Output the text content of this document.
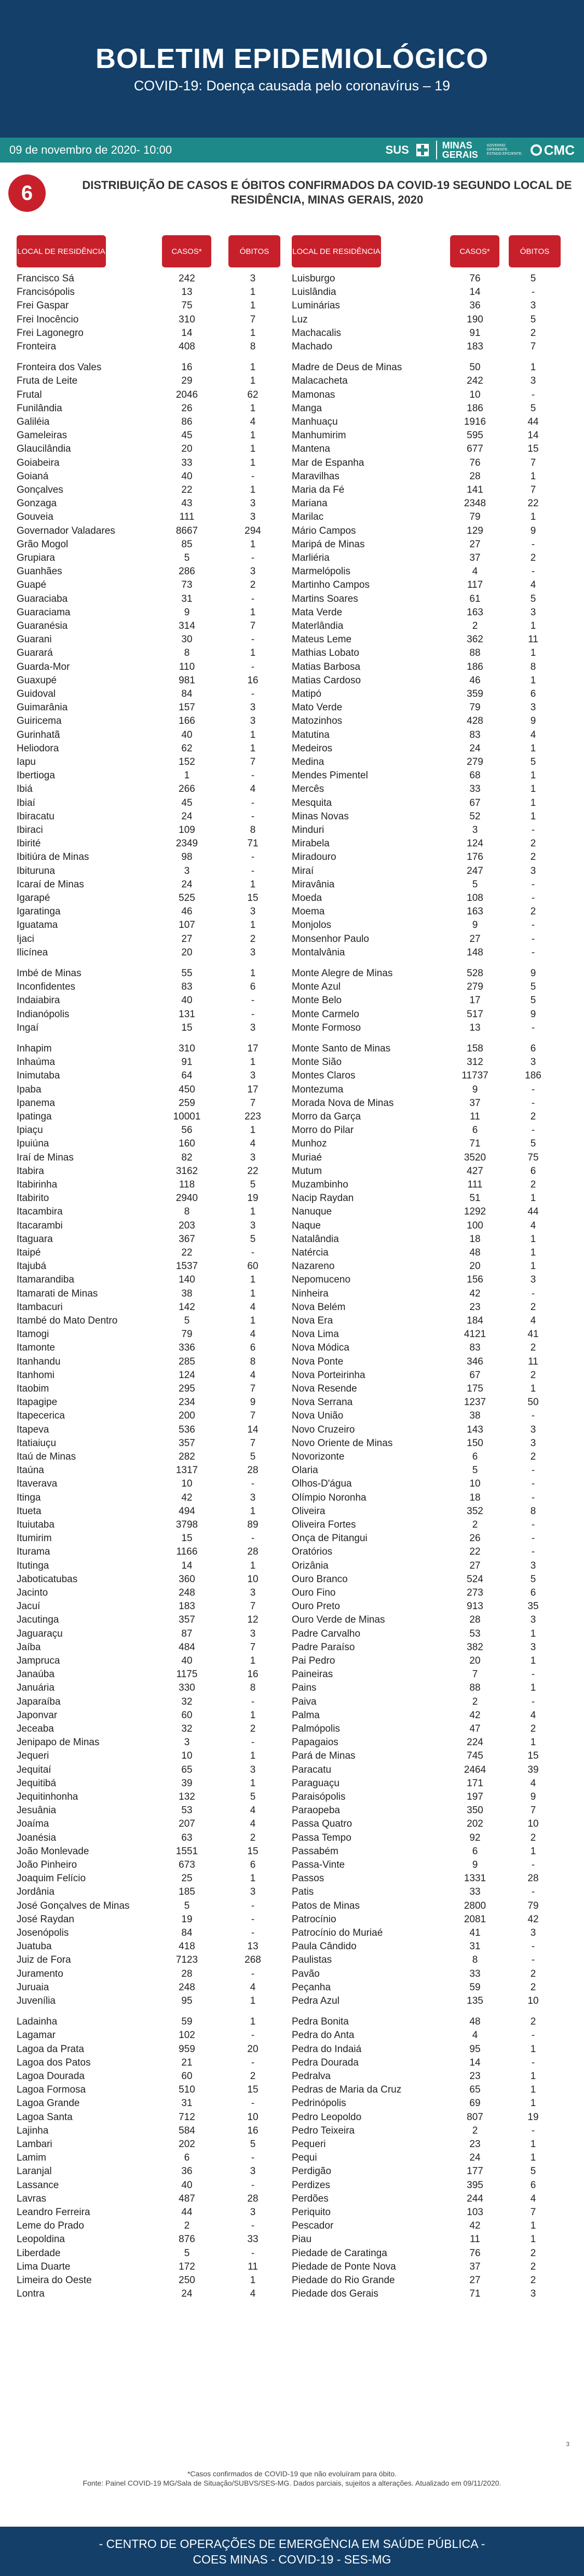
BOLETIM EPIDEMIOLÓGICO
COVID-19: Doença causada pelo coronavírus – 19
09 de novembro de 2020- 10:00	SUS	MINAS GERAIS
GOVERNO DIFERENTE. ESTADO EFICIENTE. CMC
6	DISTRIBUIÇÃO DE CASOS E ÓBITOS CONFIRMADOS DA COVID-19 SEGUNDO LOCAL DE RESIDÊNCIA, MINAS GERAIS, 2020
LOCAL DE RESIDÊNCIA	CASOS*	ÓBITOS
Francisco Sá	242	3
Francisópolis	13	1
Frei Gaspar	75	1
Frei Inocêncio	310	7
Frei Lagonegro	14	1
Fronteira	408	8
Fronteira dos Vales	16	1
Fruta de Leite	29	1
Frutal	2046	62
Funilândia	26	1
Galiléia	86	4
Gameleiras	45	1
Glaucilândia	20	1
Goiabeira	33	1
Goianá	40	-
Gonçalves	22	1
Gonzaga	43	3
Gouveia	111	3
Governador Valadares	8667	294
Grão Mogol	85	1
Grupiara	5	-
Guanhães	286	3
Guapé	73	2
Guaraciaba	31	-
Guaraciama	9	1
Guaranésia	314	7
Guarani	30	-
Guarará	8	1
Guarda-Mor	110	-
Guaxupé	981	16
Guidoval	84	-
Guimarânia	157	3
Guiricema	166	3
Gurinhatã	40	1
Heliodora	62	1
Iapu	152	7
Ibertioga	1	-
Ibiá	266	4
Ibiaí	45	-
Ibiracatu	24	-
Ibiraci	109	8
Ibirité	2349	71
Ibitiúra de Minas	98	-
Ibituruna	3	-
Icaraí de Minas	24	1
Igarapé	525	15
Igaratinga	46	3
Iguatama	107	1
Ijaci	27	2
Ilicínea	20	3
Imbé de Minas	55	1
Inconfidentes	83	6
Indaiabira	40	-
Indianópolis	131	-
Ingaí	15	3
Inhapim	310	17
Inhaúma	91	1
Inimutaba	64	3
Ipaba	450	17
Ipanema	259	7
Ipatinga	10001	223
Ipiaçu	56	1
Ipuiúna	160	4
Iraí de Minas	82	3
Itabira	3162	22
Itabirinha	118	5
Itabirito	2940	19
Itacambira	8	1
Itacarambi	203	3
Itaguara	367	5
Itaipé	22	-
Itajubá	1537	60
Itamarandiba	140	1
Itamarati de Minas	38	1
Itambacuri	142	4
Itambé do Mato Dentro	5	1
Itamogi	79	4
Itamonte	336	6
Itanhandu	285	8
Itanhomi	124	4
Itaobim	295	7
Itapagipe	234	9
Itapecerica	200	7
Itapeva	536	14
Itatiaiuçu	357	7
Itaú de Minas	282	5
Itaúna	1317	28
Itaverava	10	-
Itinga	42	3
Itueta	494	1
Ituiutaba	3798	89
Itumirim	15	-
Iturama	1166	28
Itutinga	14	1
Jaboticatubas	360	10
Jacinto	248	3
Jacuí	183	7
Jacutinga	357	12
Jaguaraçu	87	3
Jaíba	484	7
Jampruca	40	1
Janaúba	1175	16
Januária	330	8
Japaraíba	32	-
Japonvar	60	1
Jeceaba	32	2
Jenipapo de Minas	3	-
Jequeri	10	1
Jequitaí	65	3
Jequitibá	39	1
Jequitinhonha	132	5
Jesuânia	53	4
Joaíma	207	4
Joanésia	63	2
João Monlevade	1551	15
João Pinheiro	673	6
Joaquim Felício	25	1
Jordânia	185	3
José Gonçalves de Minas	5	-
José Raydan	19	-
Josenópolis	84	-
Juatuba	418	13
Juiz de Fora	7123	268
Juramento	28	-
Juruaia	248	4
Juvenília	95	1
Ladainha	59	1
Lagamar	102	-
Lagoa da Prata	959	20
Lagoa dos Patos	21	-
Lagoa Dourada	60	2
Lagoa Formosa	510	15
Lagoa Grande	31	-
Lagoa Santa	712	10
Lajinha	584	16
Lambari	202	5
Lamim	6	-
Laranjal	36	3
Lassance	40	-
Lavras	487	28
Leandro Ferreira	44	3
Leme do Prado	2	-
Leopoldina	876	33
Liberdade	5	-
Lima Duarte	172	11
Limeira do Oeste	250	1
Lontra	24	4
LOCAL DE RESIDÊNCIA	CASOS*	ÓBITOS
Luisburgo	76	5
Luislândia	14	-
Luminárias	36	3
Luz	190	5
Machacalis	91	2
Machado	183	7
Madre de Deus de Minas	50	1
Malacacheta	242	3
Mamonas	10	-
Manga	186	5
Manhuaçu	1916	44
Manhumirim	595	14
Mantena	677	15
Mar de Espanha	76	7
Maravilhas	28	1
Maria da Fé	141	7
Mariana	2348	22
Marilac	79	1
Mário Campos	129	9
Maripá de Minas	27	-
Marliéria	37	2
Marmelópolis	4	-
Martinho Campos	117	4
Martins Soares	61	5
Mata Verde	163	3
Materlândia	2	1
Mateus Leme	362	11
Mathias Lobato	88	1
Matias Barbosa	186	8
Matias Cardoso	46	1
Matipó	359	6
Mato Verde	79	3
Matozinhos	428	9
Matutina	83	4
Medeiros	24	1
Medina	279	5
Mendes Pimentel	68	1
Mercês	33	1
Mesquita	67	1
Minas Novas	52	1
Minduri	3	-
Mirabela	124	2
Miradouro	176	2
Miraí	247	3
Miravânia	5	-
Moeda	108	-
Moema	163	2
Monjolos	9	-
Monsenhor Paulo	27	-
Montalvânia	148	-
Monte Alegre de Minas	528	9
Monte Azul	279	5
Monte Belo	17	5
Monte Carmelo	517	9
Monte Formoso	13	-
Monte Santo de Minas	158	6
Monte Sião	312	3
Montes Claros	11737	186
Montezuma	9	-
Morada Nova de Minas	37	-
Morro da Garça	11	2
Morro do Pilar	6	-
Munhoz	71	5
Muriaé	3520	75
Mutum	427	6
Muzambinho	111	2
Nacip Raydan	51	1
Nanuque	1292	44
Naque	100	4
Natalândia	18	1
Natércia	48	1
Nazareno	20	1
Nepomuceno	156	3
Ninheira	42	-
Nova Belém	23	2
Nova Era	184	4
Nova Lima	4121	41
Nova Módica	83	2
Nova Ponte	346	11
Nova Porteirinha	67	2
Nova Resende	175	1
Nova Serrana	1237	50
Nova União	38	-
Novo Cruzeiro	143	3
Novo Oriente de Minas	150	3
Novorizonte	6	2
Olaria	5	-
Olhos-D'água	10	-
Olímpio Noronha	18	-
Oliveira	352	8
Oliveira Fortes	2	-
Onça de Pitangui	26	-
Oratórios	22	-
Orizânia	27	3
Ouro Branco	524	5
Ouro Fino	273	6
Ouro Preto	913	35
Ouro Verde de Minas	28	3
Padre Carvalho	53	1
Padre Paraíso	382	3
Pai Pedro	20	1
Paineiras	7	-
Pains	88	1
Paiva	2	-
Palma	42	4
Palmópolis	47	2
Papagaios	224	1
Pará de Minas	745	15
Paracatu	2464	39
Paraguaçu	171	4
Paraisópolis	197	9
Paraopeba	350	7
Passa Quatro	202	10
Passa Tempo	92	2
Passabém	6	1
Passa-Vinte	9	-
Passos	1331	28
Patis	33	-
Patos de Minas	2800	79
Patrocínio	2081	42
Patrocínio do Muriaé	41	3
Paula Cândido	31	-
Paulistas	8	-
Pavão	33	2
Peçanha	59	2
Pedra Azul	135	10
Pedra Bonita	48	2
Pedra do Anta	4	-
Pedra do Indaiá	95	1
Pedra Dourada	14	-
Pedralva	23	1
Pedras de Maria da Cruz	65	1
Pedrinópolis	69	1
Pedro Leopoldo	807	19
Pedro Teixeira	2	-
Pequeri	23	1
Pequi	24	1
Perdigão	177	5
Perdizes	395	6
Perdões	244	4
Periquito	103	7
Pescador	42	1
Piau	11	1
Piedade de Caratinga	76	2
Piedade de Ponte Nova	37	2
Piedade do Rio Grande	27	2
Piedade dos Gerais	71	3
3
*Casos confirmados de COVID-19 que não evoluíram para óbito.
Fonte: Painel COVID-19 MG/Sala de Situação/SUBVS/SES-MG. Dados parciais, sujeitos a alterações. Atualizado em 09/11/2020.
- CENTRO DE OPERAÇÕES DE EMERGÊNCIA EM SAÚDE PÚBLICA -
COES MINAS - COVID-19 - SES-MG
